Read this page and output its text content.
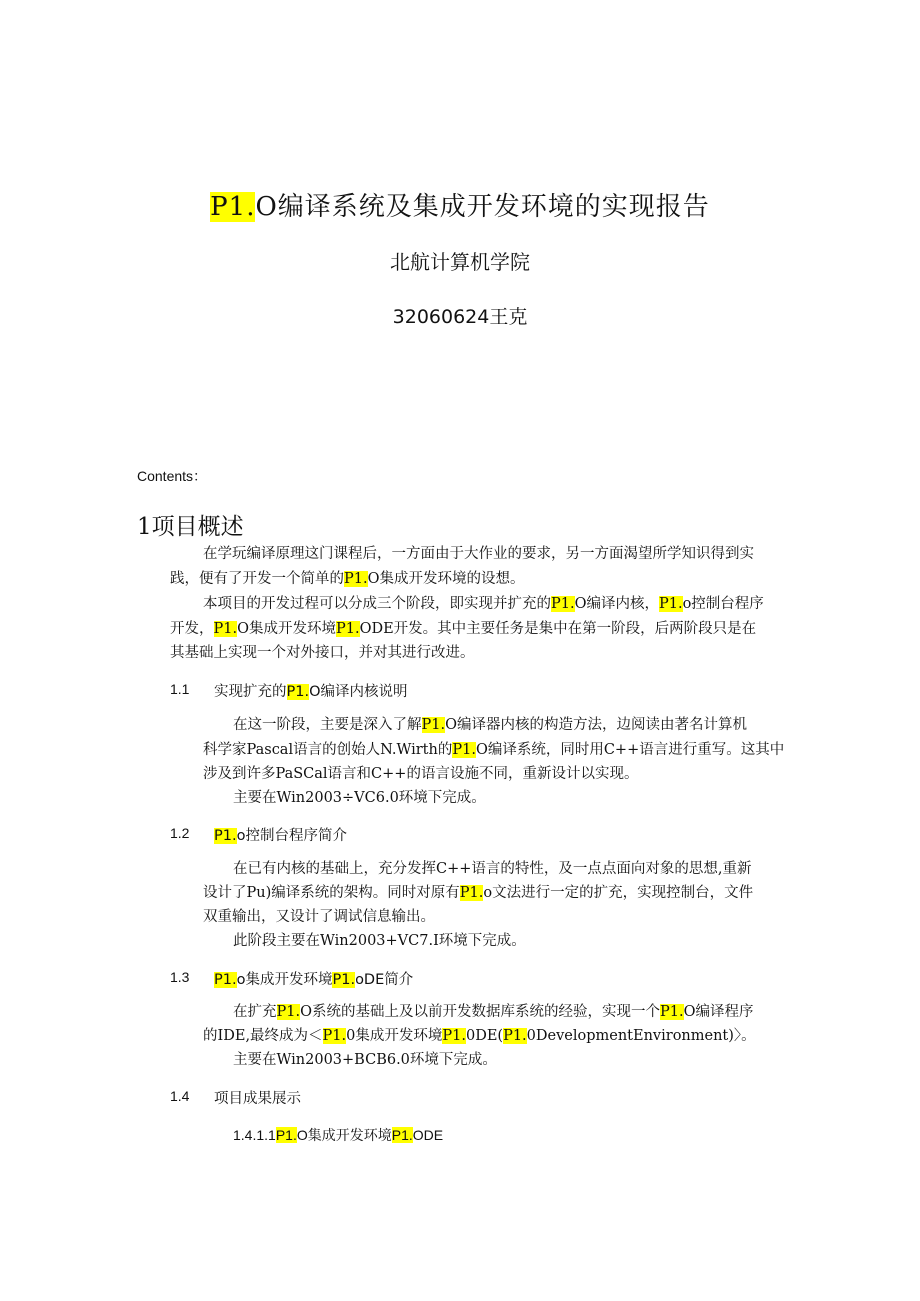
P1.O编译系统及集成开发环境的实现报告
北航计算机学院
32060624王克
Contents：
1项目概述
在学玩编译原理这门课程后，一方面由于大作业的要求，另一方面渴望所学知识得到实
践，便有了开发一个简单的P1.O集成开发环境的设想。
本项目的开发过程可以分成三个阶段，即实现并扩充的P1.O编译内核，P1.o控制台程序
开发，P1.O集成开发环境P1.ODE开发。其中主要任务是集中在第一阶段，后两阶段只是在
其基础上实现一个对外接口，并对其进行改进。
1.1 实现扩充的P1.O编译内核说明
在这一阶段，主要是深入了解P1.O编译器内核的构造方法，边阅读由著名计算机
科学家Pascal语言的创始人N.Wirth的P1.O编译系统，同时用C++语言进行重写。这其中
涉及到许多PaSCal语言和C++的语言设施不同，重新设计以实现。
主要在Win2003÷VC6.0环境下完成。
1.2 P1.o控制台程序简介
在已有内核的基础上，充分发挥C++语言的特性，及一点点面向对象的思想,重新
设计了Pu)编译系统的架构。同时对原有P1.o文法进行一定的扩充，实现控制台，文件
双重输出，又设计了调试信息输出。
此阶段主要在Win2003+VC7.I环境下完成。
1.3 P1.o集成开发环境P1.oDE简介
在扩充P1.O系统的基础上及以前开发数据库系统的经验，实现一个P1.O编译程序
的IDE,最终成为＜P1.0集成开发环境P1.0DE(P1.0DevelopmentEnvironment)〉。
主要在Win2003+BCB6.0环境下完成。
1.4 项目成果展示
1.4.1.1P1.O集成开发环境P1.ODE
